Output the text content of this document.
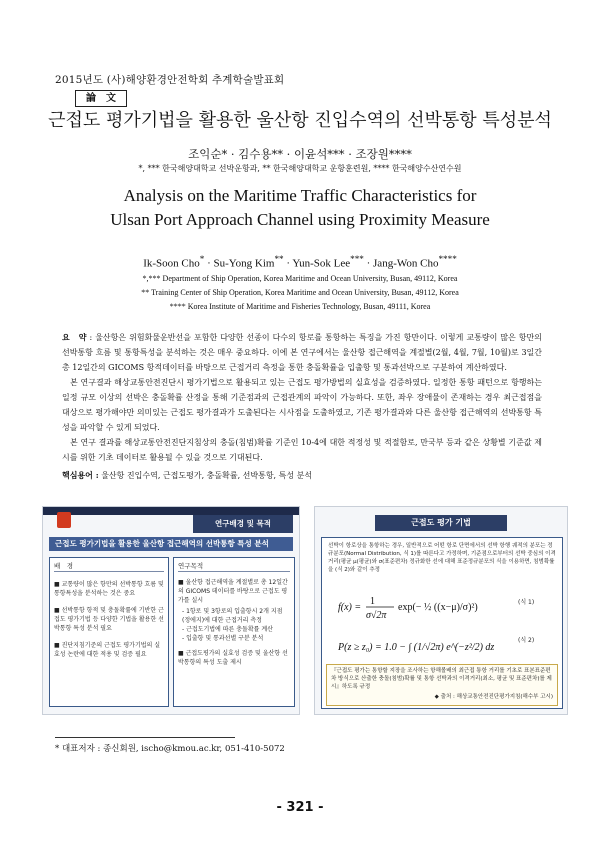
2015년도 (사)해양환경안전학회 추계학술발표회
論　文
근접도 평가기법을 활용한 울산항 진입수역의 선박통항 특성분석
조익순* · 김수용** · 이윤석*** · 조장원****
*, *** 한국해양대학교 선박운항과, ** 한국해양대학교 운항훈련원, **** 한국해양수산연수원
Analysis on the Maritime Traffic Characteristics for
Ulsan Port Approach Channel using Proximity Measure
Ik-Soon Cho* · Su-Yong Kim** · Yun-Sok Lee*** · Jang-Won Cho****
*,*** Department of Ship Operation, Korea Maritime and Ocean University, Busan, 49112, Korea
** Training Center of Ship Operation, Korea Maritime and Ocean University, Busan, 49112, Korea
**** Korea Institute of Maritime and Fisheries Technology, Busan, 49111, Korea

요　약 : 울산항은 위험화물운반선을 포함한 다양한 선종이 다수의 항로를 통항하는 특징을 가진 항만이다. 이렇게 교통량이 많은 항만의 선박통항 흐름 및 통항특성을 분석하는 것은 매우 중요하다. 이에 본 연구에서는 울산항 접근해역을 계절별(2월, 4월, 7월, 10월)로 3일간 총 12일간의 GICOMS 항적데이터를 바탕으로 근접거리 측정을 통한 충돌확률을 입출항 및 통과선박으로 구분하여 계산하였다.

본 연구결과 해상교통안전진단시 평가기법으로 활용되고 있는 근접도 평가방법의 실효성을 검증하였다. 일정한 통항 패턴으로 항행하는 일정 규모 이상의 선박은 충돌확률 산정을 통해 기준점과의 근접관계의 파악이 가능하다. 또한, 좌우 장애물이 존재하는 경우 최근접점을 대상으로 평가해야만 의미있는 근접도 평가결과가 도출된다는 시사점을 도출하였고, 기존 평가결과와 다른 울산항 접근해역의 선박통항 특성을 파악할 수 있게 되었다.

본 연구 결과를 해상교통안전진단지침상의 충돌(침범)확률 기준인 10-4에 대한 적정성 및 적절함로, 만국부 등과 같은 상황별 기준값 제시를 위한 기초 데이터로 활용될 수 있을 것으로 기대된다.

핵심용어 : 울산항 진입수역, 근접도평가, 충돌확률, 선박통항, 특성 분석
연구배경 및 목적
근접도 평가기법을 활용한 울산항 접근해역의 선박통항 특성 분석
배　경
■ 교통량이 많은 항만의 선박통항 흐름 및 통항특성을 분석하는 것은 중요
■ 선박통항 항적 및 충돌확률에 기반한 근접도 평가기법 등 다양한 기법을 활용한 선박통항 특성 분석 필요
■ 진단지침기준의 근접도 평가기법의 실효성 논란에 대한 적용 및 검증 필요
연구목적
■ 울산항 접근해역을 계절별로 총 12일간의 GICOMS 데이터를 바탕으로 근접도 평가를 실시
- 1항로 및 3항로의 입출항시 2개 지점(정에지)에 대한 근접거리 측정
- 근접도기법에 따른 충돌확률 계산
- 입출항 및 통과선별 구분 분석
■ 근접도평가의 실효성 검증 및 울산항 선박통항의 특성 도출 제시
근접도 평가 기법
선박이 항로상을 통항하는 경우, 일반적으로 어떤 항로 단면에서의 선박 항행 궤적의 분포는 정규분포(Normal Distribution, 식 1)를 따른다고 가정하며, 기준점으로부터의 선박 중심의 이격거리(평균 μ(평균)와 σ(표준편차) 정규화한 선에 대해 표준정규분포의 식을 이용하면, 침범확률을 (식 2)와 같이 추정
f(x) =
1
σ√2π
exp(− ½ ((x−μ)/σ)²)
P(z ≥ z₀) = 1.0 − ∫ (1/√2π) e^(−z²/2) dz
(식 1)
(식 2)
『근접도 평가는 통항할 지장을 조사하는 항해볼배의 최근접 통항 거리를 기초로 표본표준편차 방식으로 산출한 충돌(침범)확률 및 통항 선박과의 이격거리(최소, 평균 및 표준편차)를 제시』하도록 규정
◆ 출처 : 해상교통안전진단평가지침(해수부 고시)
* 대표저자 : 종신회원, ischo@kmou.ac.kr, 051-410-5072
- 321 -
